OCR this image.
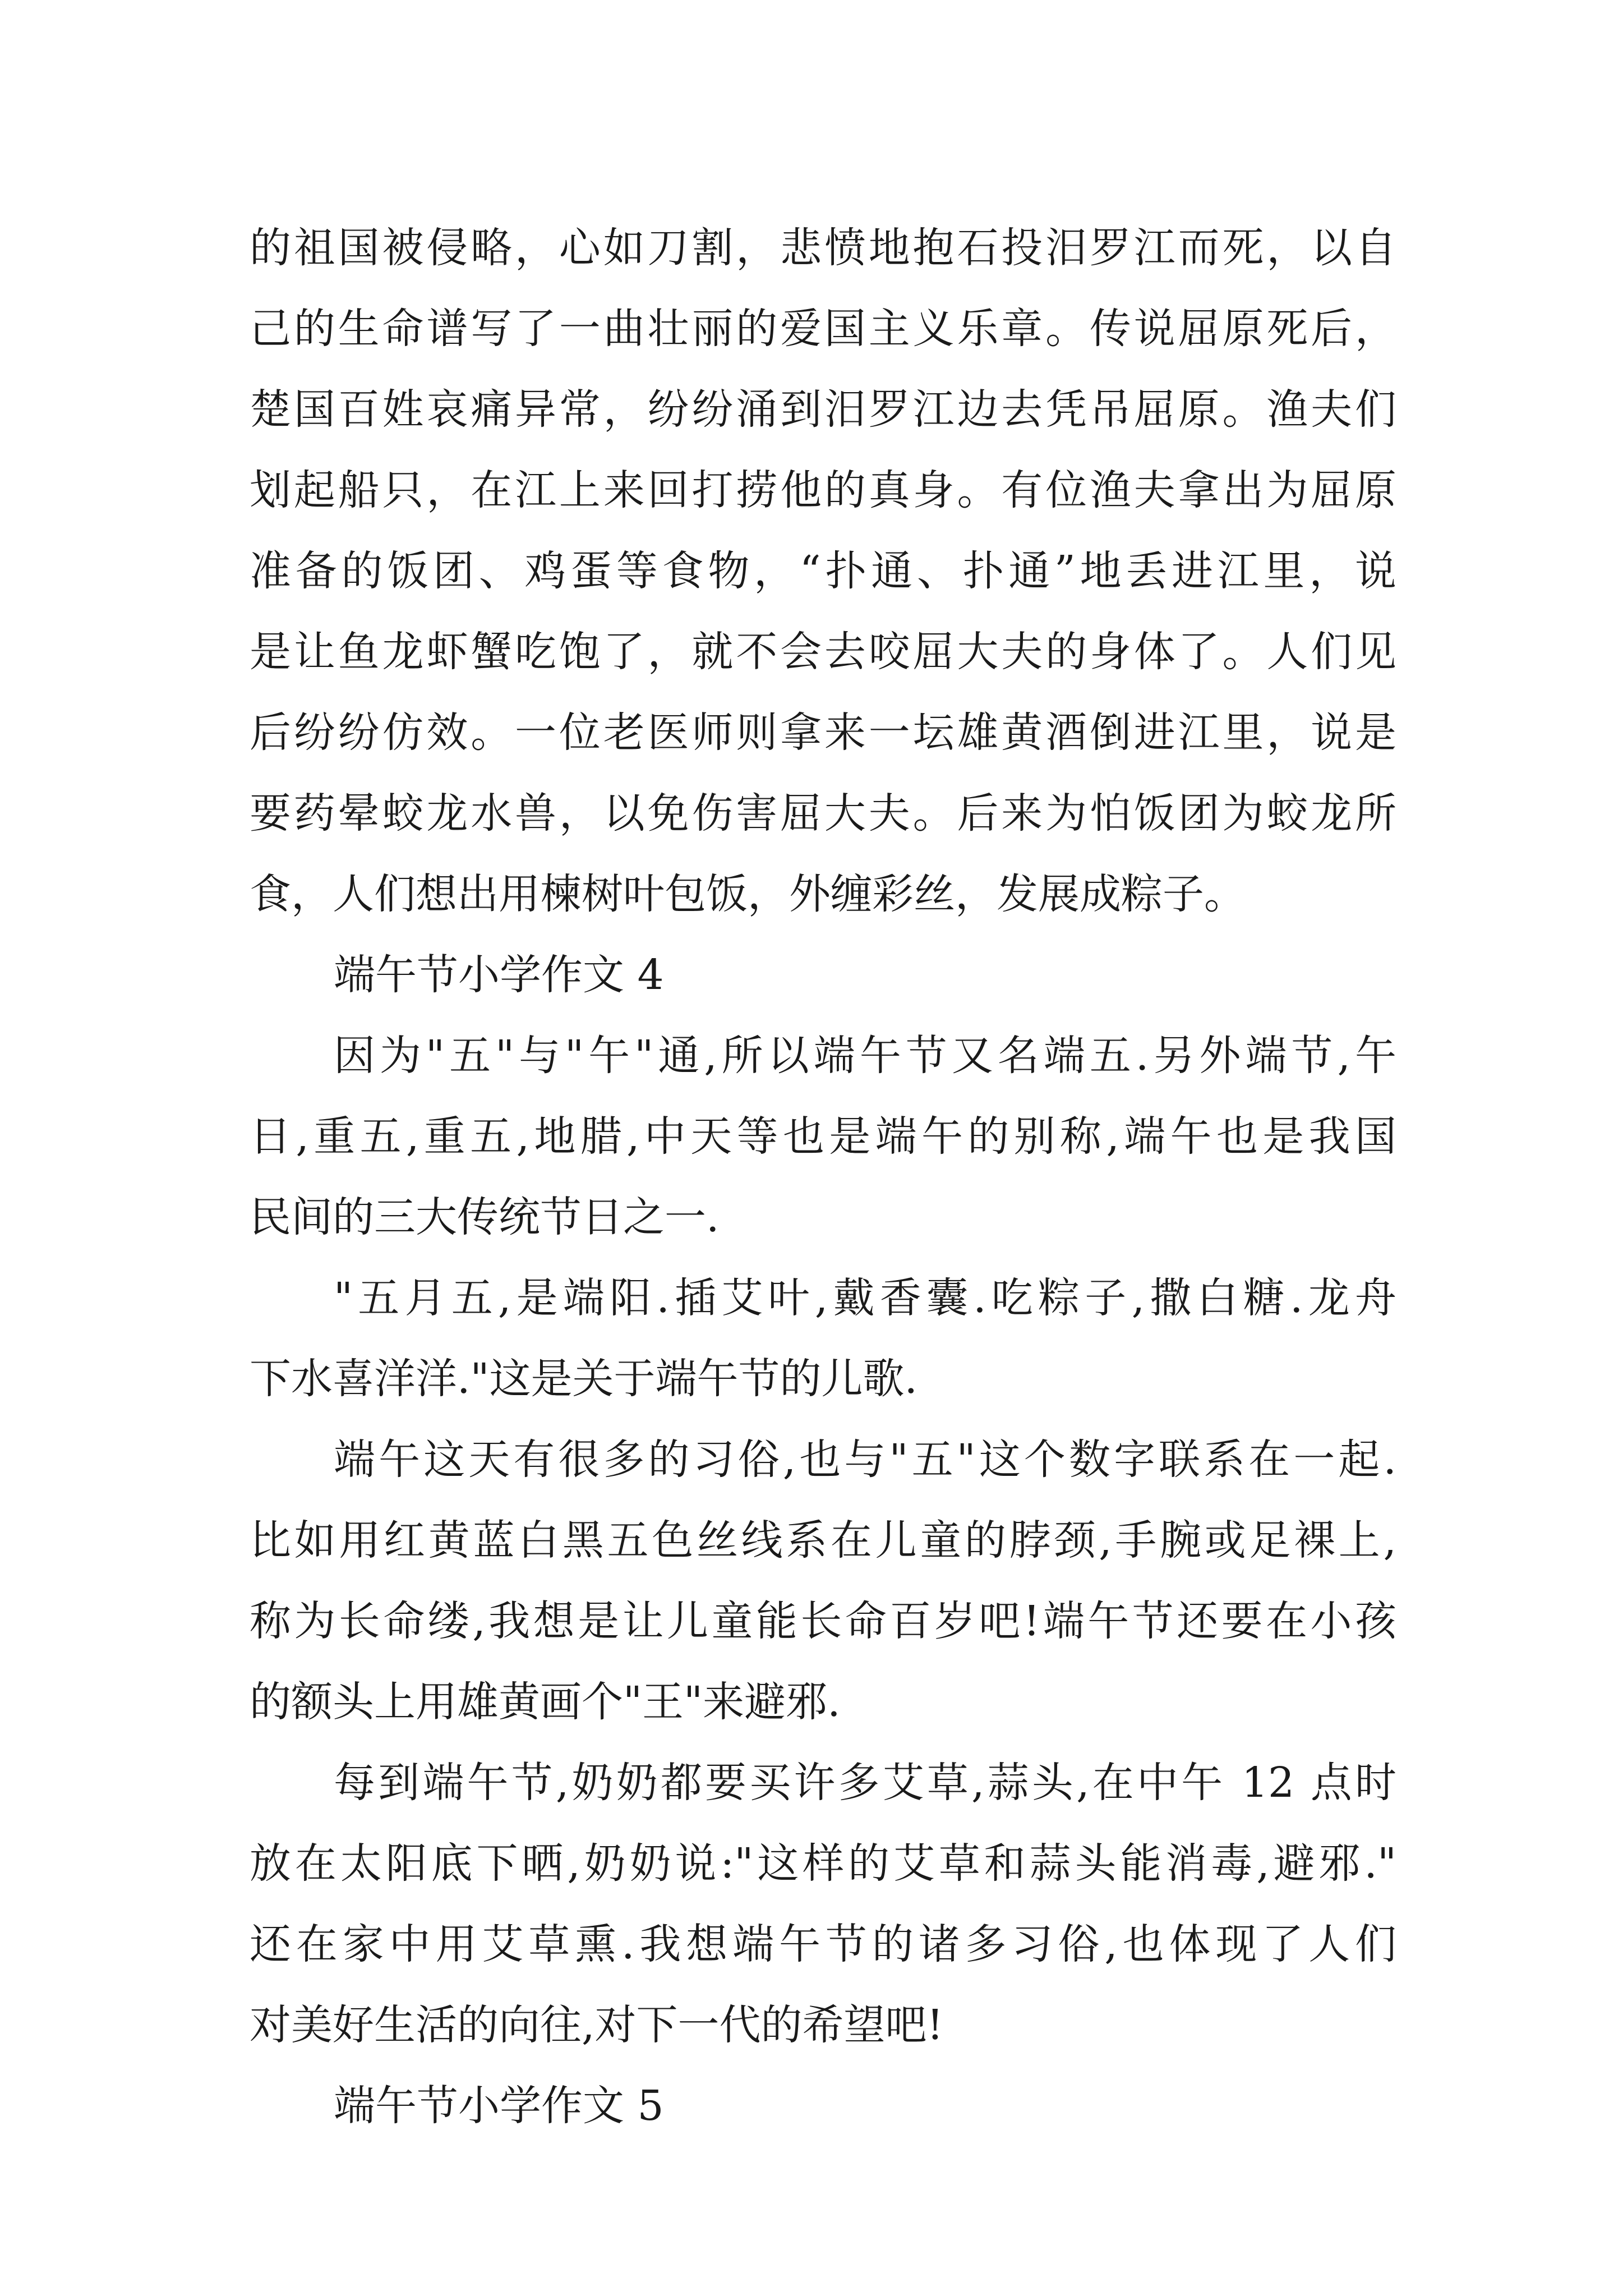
的祖国被侵略，心如刀割，悲愤地抱石投汨罗江而死，以自
己的生命谱写了一曲壮丽的爱国主义乐章。传说屈原死后，
楚国百姓哀痛异常，纷纷涌到汨罗江边去凭吊屈原。渔夫们
划起船只，在江上来回打捞他的真身。有位渔夫拿出为屈原
准备的饭团、鸡蛋等食物，“扑通、扑通”地丢进江里，说
是让鱼龙虾蟹吃饱了，就不会去咬屈大夫的身体了。人们见
后纷纷仿效。一位老医师则拿来一坛雄黄酒倒进江里，说是
要药晕蛟龙水兽，以免伤害屈大夫。后来为怕饭团为蛟龙所
食，人们想出用楝树叶包饭，外缠彩丝，发展成粽子。
端午节小学作文 4
因为"五"与"午"通,所以端午节又名端五.另外端节,午
日,重五,重五,地腊,中天等也是端午的别称,端午也是我国
民间的三大传统节日之一.
"五月五,是端阳.插艾叶,戴香囊.吃粽子,撒白糖.龙舟
下水喜洋洋."这是关于端午节的儿歌.
端午这天有很多的习俗,也与"五"这个数字联系在一起.
比如用红黄蓝白黑五色丝线系在儿童的脖颈,手腕或足裸上,
称为长命缕,我想是让儿童能长命百岁吧!端午节还要在小孩
的额头上用雄黄画个"王"来避邪.
每到端午节,奶奶都要买许多艾草,蒜头,在中午 12 点时
放在太阳底下晒,奶奶说:"这样的艾草和蒜头能消毒,避邪."
还在家中用艾草熏.我想端午节的诸多习俗,也体现了人们
对美好生活的向往,对下一代的希望吧!
端午节小学作文 5
